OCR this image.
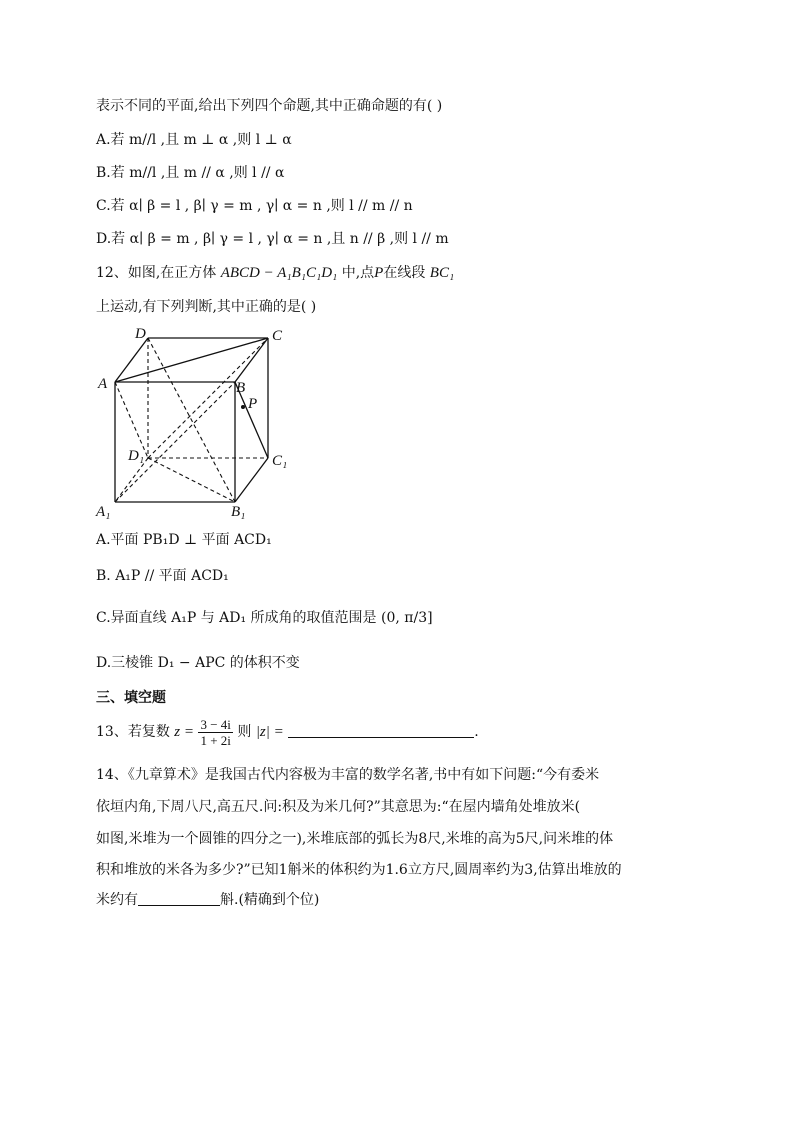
表示不同的平面,给出下列四个命题,其中正确命题的有( )
A.若 m//l ,且 m ⊥ α ,则 l ⊥ α
B.若 m//l ,且 m // α ,则 l // α
C.若 α∣ β = l , β∣ γ = m , γ∣ α = n ,则 l // m // n
D.若 α∣ β = m , β∣ γ = l , γ∣ α = n ,且 n // β ,则 l // m
12、如图,在正方体 ABCD − A₁B₁C₁D₁ 中,点P在线段 BC₁
上运动,有下列判断,其中正确的是( )
D	C
A	B
P
D₁	C₁
A₁	B₁
A.平面 PB₁D ⊥ 平面 ACD₁
B. A₁P // 平面 ACD₁
C.异面直线 A₁P 与 AD₁ 所成角的取值范围是 (0, π/3]
D.三棱锥 D₁ − APC 的体积不变
三、填空题
13、若复数 $z = \frac{3 - 4i}{1 + 2i}$ 则 |z| =	.
14、《九章算术》是我国古代内容极为丰富的数学名著,书中有如下问题:“今有委米
依垣内角,下周八尺,高五尺.问:积及为米几何?”其意思为:“在屋内墙角处堆放米(
如图,米堆为一个圆锥的四分之一),米堆底部的弧长为8尺,米堆的高为5尺,问米堆的体
积和堆放的米各为多少?”已知1斛米的体积约为1.6立方尺,圆周率约为3,估算出堆放的
米约有	斛.(精确到个位)
